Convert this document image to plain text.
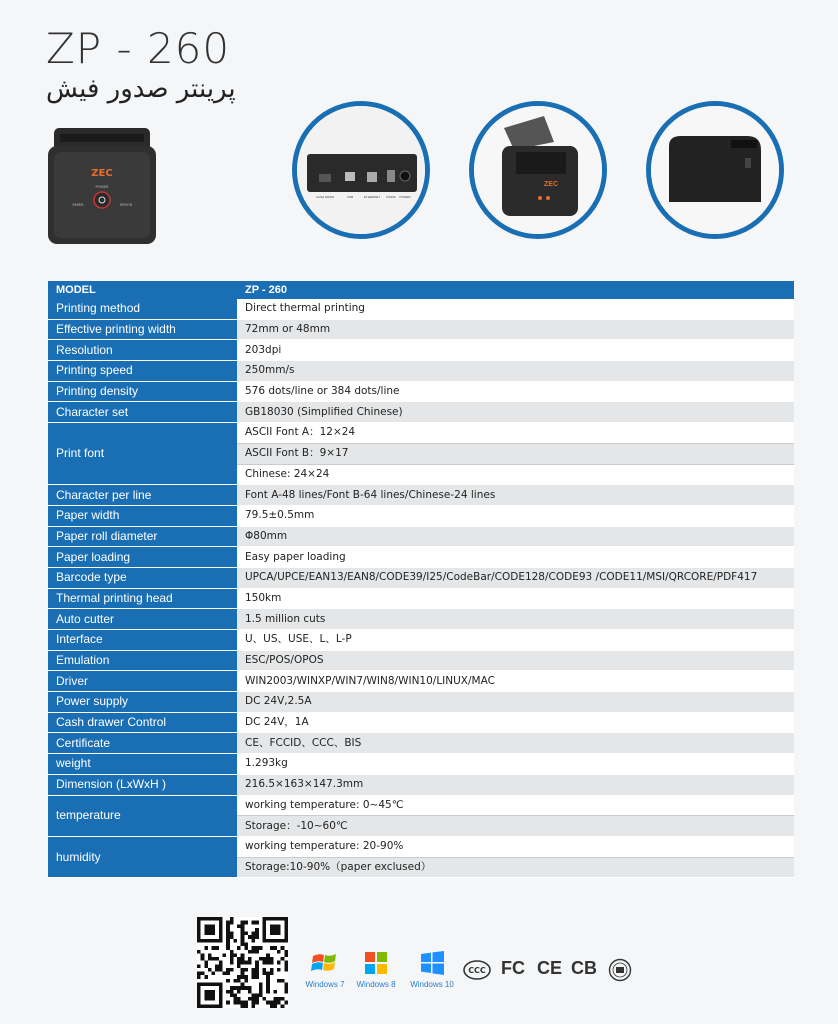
ZP - 260
پرینتر صدور فیش
ZEC
POWER
PAPER	ERROR
CASH DRAW	USB	ETHERNET RS232 POWER
ZEC
MODEL	ZP - 260
Printing method	Direct thermal printing
Effective printing width	72mm or 48mm
Resolution	203dpi
Printing speed	250mm/s
Printing density	576 dots/line or 384 dots/line
Character set	GB18030 (Simplified Chinese)
Print font	ASCII Font A：12×24
	ASCII Font B：9×17
	Chinese: 24×24
Character per line	Font A-48 lines/Font B-64 lines/Chinese-24 lines
Paper width	79.5±0.5mm
Paper roll diameter	Φ80mm
Paper loading	Easy paper loading
Barcode type	UPCA/UPCE/EAN13/EAN8/CODE39/I25/CodeBar/CODE128/CODE93 /CODE11/MSI/QRCORE/PDF417
Thermal printing head	150km
Auto cutter	1.5 million cuts
Interface	U、US、USE、L、L-P
Emulation	ESC/POS/OPOS
Driver	WIN2003/WINXP/WIN7/WIN8/WIN10/LINUX/MAC
Power supply	DC 24V,2.5A
Cash drawer Control	DC 24V，1A
Certificate	CE、FCCID、CCC、BIS
weight	1.293kg
Dimension (LxWxH )	216.5×163×147.3mm
temperature	working temperature: 0~45℃
	Storage：-10~60℃
humidity	working temperature: 20-90%
	Storage:10-90%（paper exclused）
Windows 7 Windows 8	Windows 10
CCC FC CE CB
